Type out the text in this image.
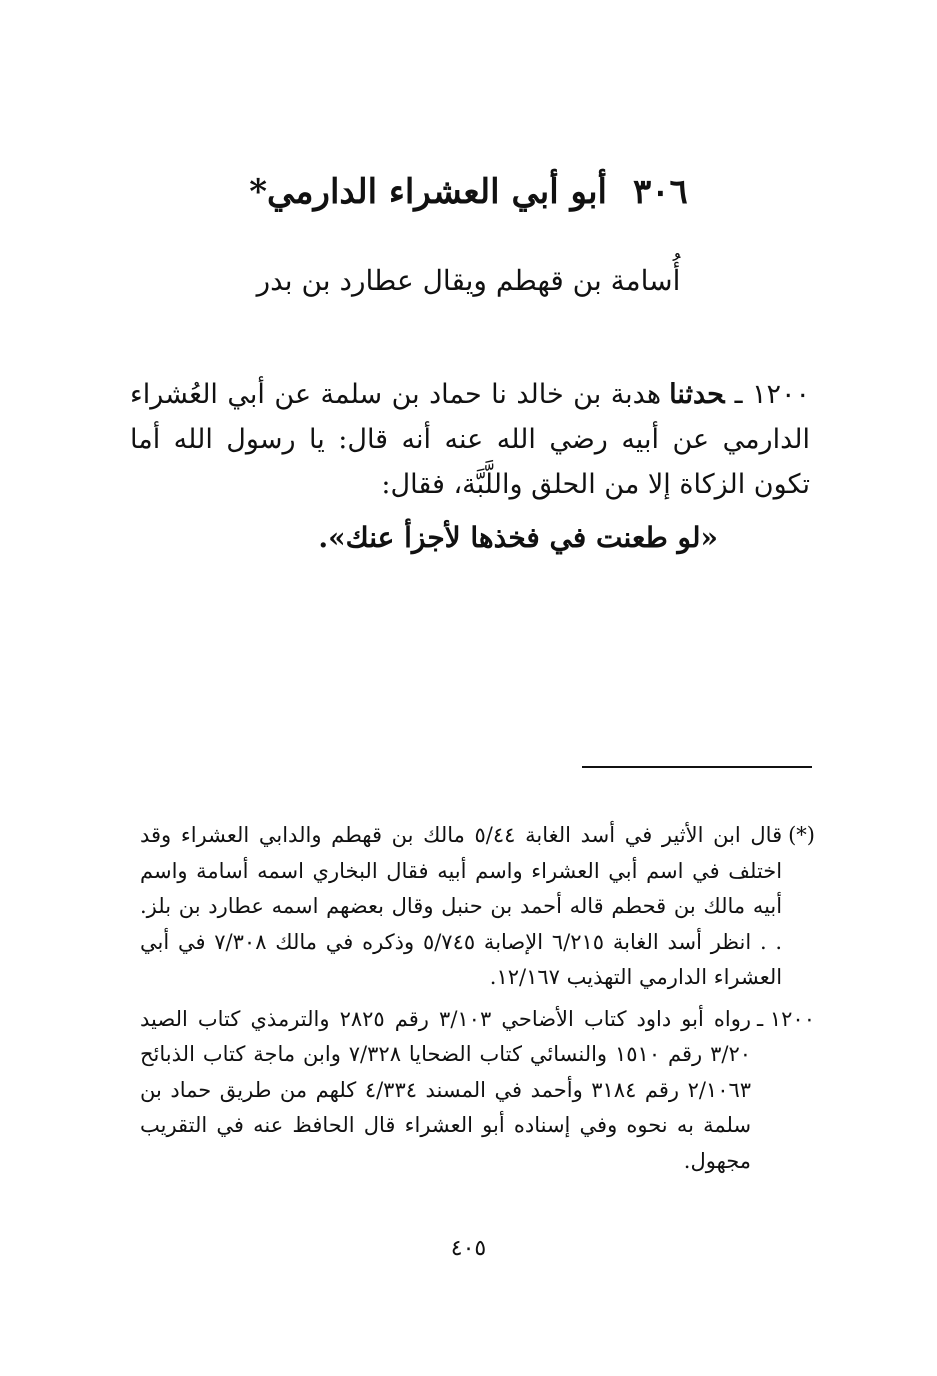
٣٠٦أبو أبي العشراء الدارمي*
أُسامة بن قهطم ويقال عطارد بن بدر
١٢٠٠ ـحدثناهدبة بن خالد نا حماد بن سلمة عن أبي العُشراء الدارمي عن أبيه رضي الله عنه أنه قال: يا رسول الله أما تكون الزكاة إلا من الحلق واللَّبَّة، فقال:
«لو طعنت في فخذها لأجزأ عنك».
(*)
قال ابن الأثير في أسد الغابة ٥/٤٤ مالك بن قهطم والدابي العشراء وقد اختلف في اسم أبي العشراء واسم أبيه فقال البخاري اسمه أسامة واسم أبيه مالك بن قحطم قاله أحمد بن حنبل وقال بعضهم اسمه عطارد بن بلز. . . انظر أسد الغابة ٦/٢١٥ الإصابة ٥/٧٤٥ وذكره في مالك ٧/٣٠٨ في أبي العشراء الدارمي التهذيب ١٢/١٦٧.
١٢٠٠ ـ
رواه أبو داود كتاب الأضاحي ٣/١٠٣ رقم ٢٨٢٥ والترمذي كتاب الصيد ٣/٢٠ رقم ١٥١٠ والنسائي كتاب الضحايا ٧/٣٢٨ وابن ماجة كتاب الذبائح ٢/١٠٦٣ رقم ٣١٨٤ وأحمد في المسند ٤/٣٣٤ كلهم من طريق حماد بن سلمة به نحوه وفي إسناده أبو العشراء قال الحافظ عنه في التقريب مجهول.
٤٠٥
